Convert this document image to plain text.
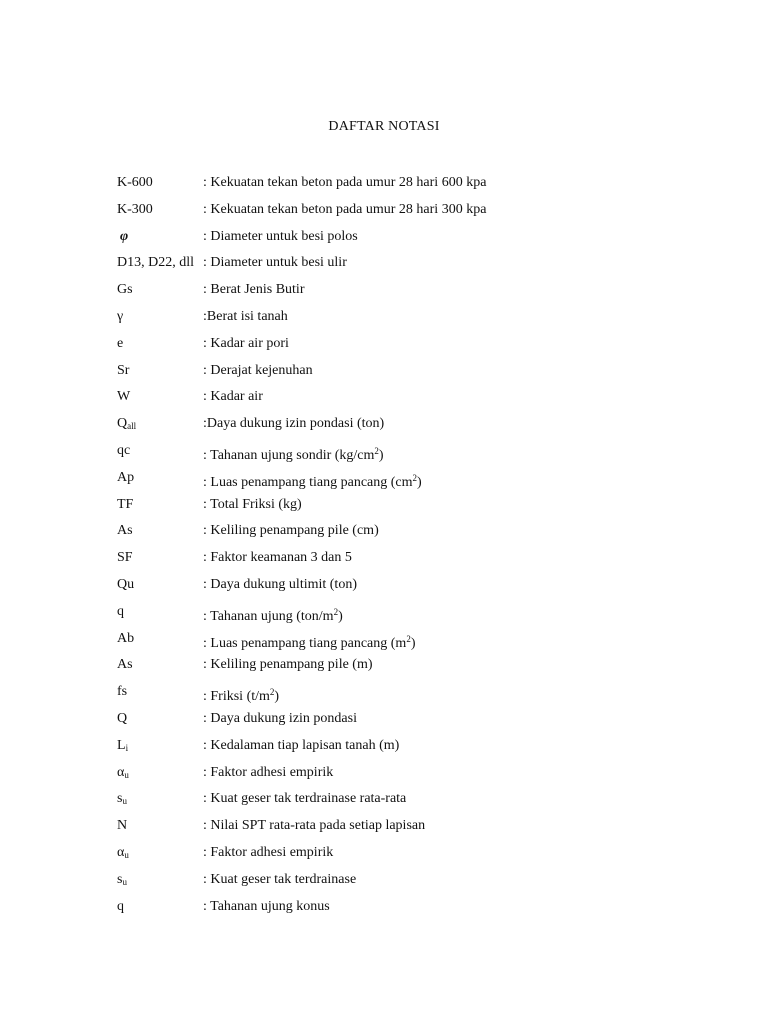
DAFTAR NOTASI
K-600	: Kekuatan tekan beton pada umur 28 hari 600 kpa
K-300	: Kekuatan tekan beton pada umur 28 hari 300 kpa
φ	: Diameter untuk besi polos
D13, D22, dll : Diameter untuk besi ulir
Gs	: Berat Jenis Butir
γ	:Berat isi tanah
e	: Kadar air pori
Sr	: Derajat kejenuhan
W	: Kadar air
$Q_{all}$	:Daya dukung izin pondasi (ton)
qc	: Tahanan ujung sondir $(kg/cm^2)$
Ap	: Luas penampang tiang pancang $(cm^2)$
TF	: Total Friksi (kg)
As	: Keliling penampang pile (cm)
SF	: Faktor keamanan 3 dan 5
Qu	: Daya dukung ultimit (ton)
q	: Tahanan ujung $(ton/m^2)$
Ab	: Luas penampang tiang pancang $(m^2)$
As	: Keliling penampang pile (m)
fs	: Friksi $(t/m^2)$
Q	: Daya dukung izin pondasi
$L_i$	: Kedalaman tiap lapisan tanah (m)
$\alpha_u$	: Faktor adhesi empirik
$s_u$	: Kuat geser tak terdrainase rata-rata
N	: Nilai SPT rata-rata pada setiap lapisan
$\alpha_u$	: Faktor adhesi empirik
$s_u$	: Kuat geser tak terdrainase
q	: Tahanan ujung konus
